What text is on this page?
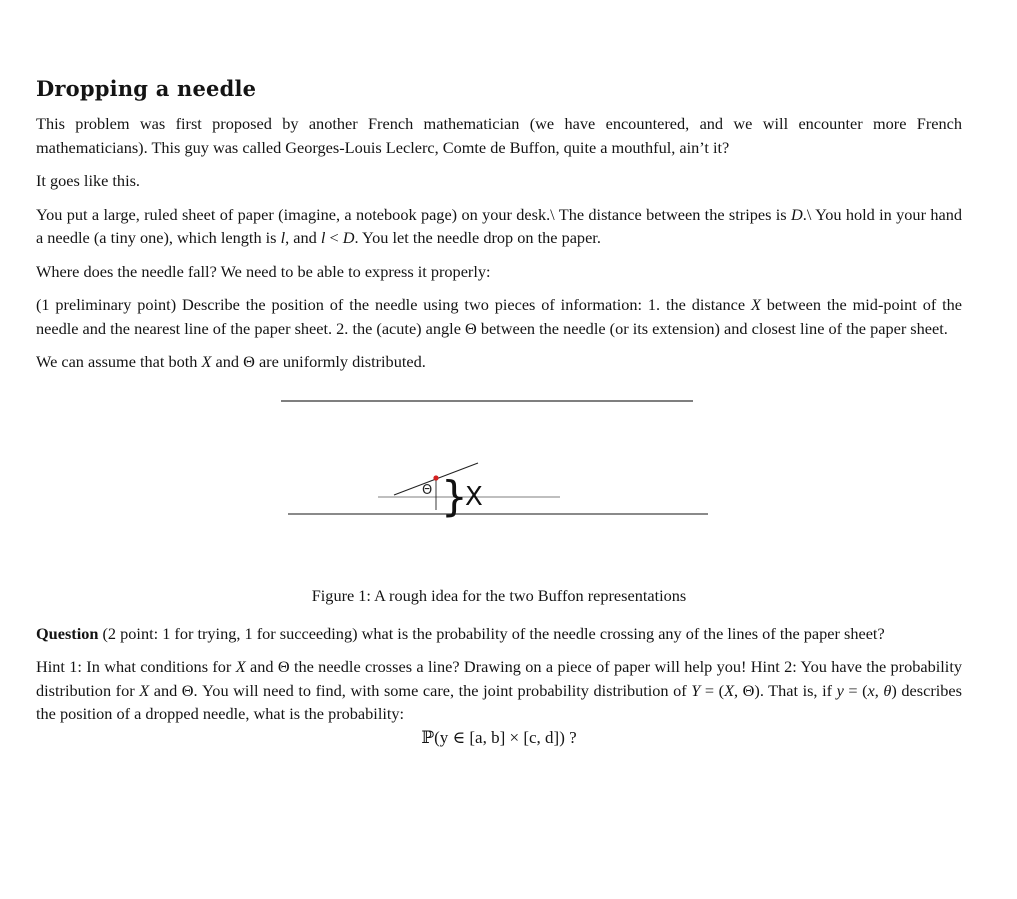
Dropping a needle

This problem was first proposed by another French mathematician (we have encountered, and we will encounter more French mathematicians). This guy was called Georges-Louis Leclerc, Comte de Buffon, quite a mouthful, ain’t it?

It goes like this.

You put a large, ruled sheet of paper (imagine, a notebook page) on your desk.\ The distance between the stripes is D.\ You hold in your hand a needle (a tiny one), which length is l, and l < D. You let the needle drop on the paper.

Where does the needle fall? We need to be able to express it properly:

(1 preliminary point) Describe the position of the needle using two pieces of information: 1. the distance X between the mid-point of the needle and the nearest line of the paper sheet. 2. the (acute) angle Θ between the needle (or its extension) and closest line of the paper sheet.

We can assume that both X and Θ are uniformly distributed.

Θ }
X
Figure 1: A rough idea for the two Buffon representations

Question (2 point: 1 for trying, 1 for succeeding) what is the probability of the needle crossing any of the lines of the paper sheet?

Hint 1: In what conditions for X and Θ the needle crosses a line? Drawing on a piece of paper will help you! Hint 2: You have the probability distribution for X and Θ. You will need to find, with some care, the joint probability distribution of Y = (X, Θ). That is, if y = (x, θ) describes the position of a dropped needle, what is the probability:

ℙ(y ∈ [a, b] × [c, d]) ?
